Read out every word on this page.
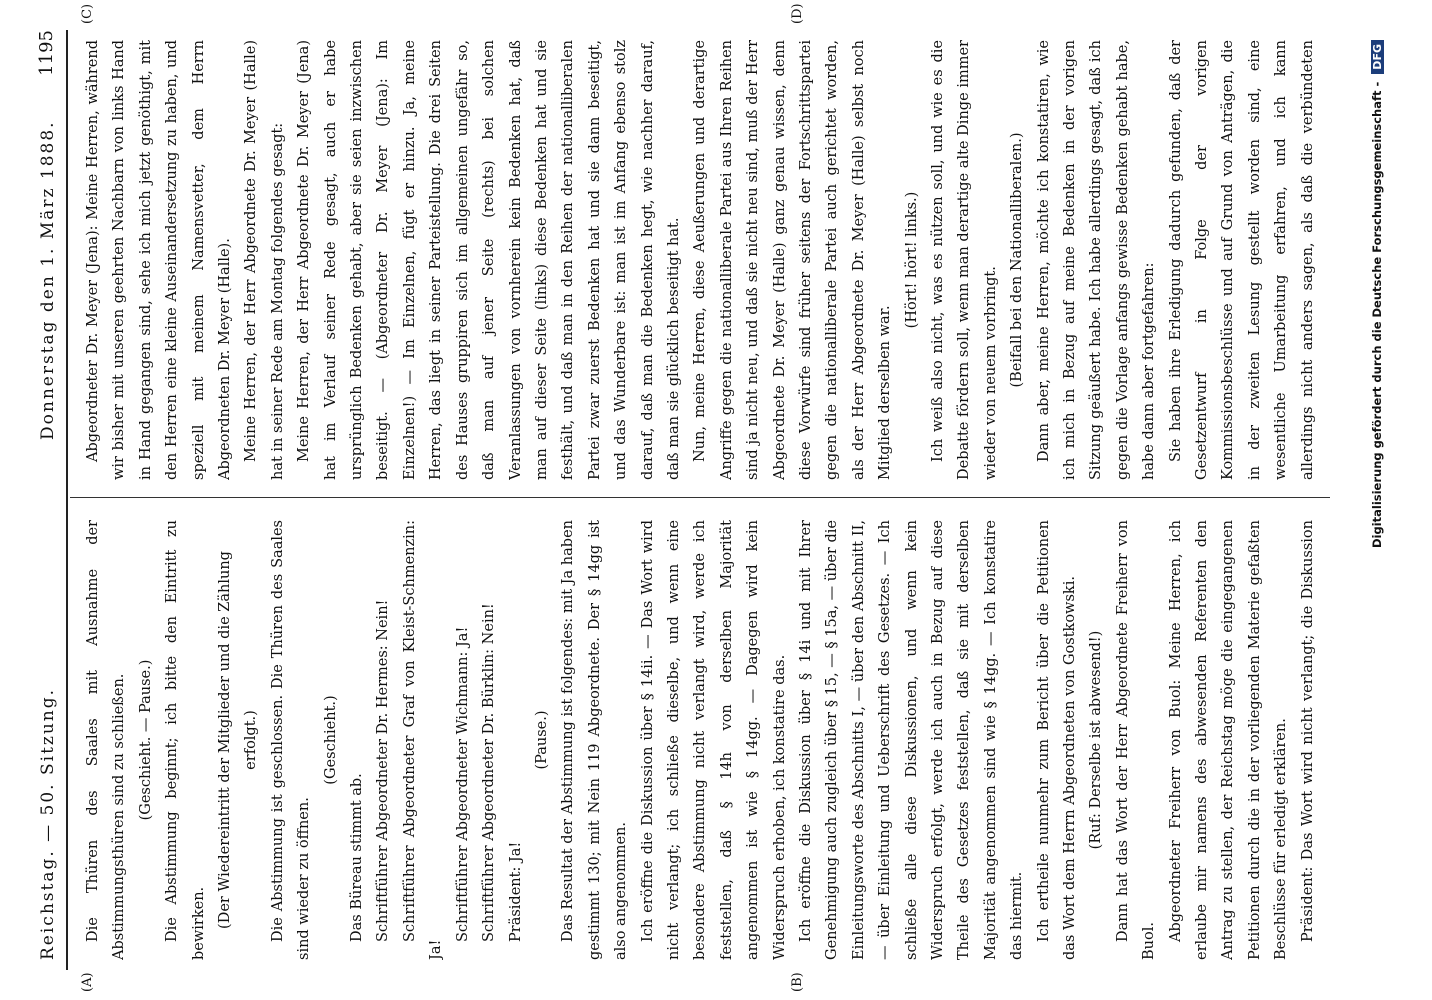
(A)
(C)
Reichstag. — 50. Sitzung.
Donnerstag den 1. März 1888.
1195
(B)
(D)

Die Thüren des Saales mit Ausnahme der Abstimmungsthüren sind zu schließen. (Geschieht. — Pause.) Die Abstimmung beginnt; ich bitte den Eintritt zu bewirken. (Der Wiedereintritt der Mitglieder und die Zählung erfolgt.) Die Abstimmung ist geschlossen. Die Thüren des Saales sind wieder zu öffnen.

(Geschieht.)

Das Büreau stimmt ab. Schriftführer Abgeordneter Dr. Hermes: Nein! Schriftführer Abgeordneter Graf von Kleist-Schmenzin: Ja!

Schriftführer Abgeordneter Wichmann: Ja! Schriftführer Abgeordneter Dr. Bürklin: Nein! Präsident: Ja!

(Pause.) Das Resultat der Abstimmung ist folgendes: mit Ja haben gestimmt 130; mit Nein 119 Abgeordnete. Der § 14gg ist also angenommen. Ich eröffne die Diskussion über § 14ii. — Das Wort wird nicht verlangt; ich schließe dieselbe, und wenn eine besondere Abstimmung nicht verlangt wird, werde ich feststellen, daß § 14h von derselben Majorität angenommen ist wie § 14gg. — Dagegen wird kein Widerspruch erhoben, ich konstatire das. Ich eröffne die Diskussion über § 14i und mit Ihrer Genehmigung auch zugleich über § 15, — § 15a, — über die Einleitungsworte des Abschnitts I, — über den Abschnitt II, — über Einleitung und Ueberschrift des Gesetzes. — Ich schließe alle diese Diskussionen, und wenn kein Widerspruch erfolgt, werde ich auch in Bezug auf diese Theile des Gesetzes feststellen, daß sie mit derselben Majorität angenommen sind wie § 14gg. — Ich konstatire das hiermit. Ich ertheile nunmehr zum Bericht über die Petitionen das Wort dem Herrn Abgeordneten von Gostkowski. (Ruf: Derselbe ist abwesend!) Dann hat das Wort der Herr Abgeordnete Freiherr von Buol. Abgeordneter Freiherr von Buol: Meine Herren, ich erlaube mir namens des abwesenden Referenten den Antrag zu stellen, der Reichstag möge die eingegangenen Petitionen durch die in der vorliegenden Materie gefaßten Beschlüsse für erledigt erklären. Präsident: Das Wort wird nicht verlangt; die Diskussion

Abgeordneter Dr. Meyer (Jena): Meine Herren, während wir bisher mit unseren geehrten Nachbarn von links Hand in Hand gegangen sind, sehe ich mich jetzt genöthigt, mit den Herren eine kleine Auseinandersetzung zu haben, und speziell mit meinem Namensvetter, dem Herrn Abgeordneten Dr. Meyer (Halle). Meine Herren, der Herr Abgeordnete Dr. Meyer (Halle) hat in seiner Rede am Montag folgendes gesagt: Meine Herren, der Herr Abgeordnete Dr. Meyer (Jena) hat im Verlauf seiner Rede gesagt, auch er habe ursprünglich Bedenken gehabt, aber sie seien inzwischen beseitigt. — (Abgeordneter Dr. Meyer (Jena): Im Einzelnen!) — Im Einzelnen, fügt er hinzu. Ja, meine Herren, das liegt in seiner Parteistellung. Die drei Seiten des Hauses gruppiren sich im allgemeinen ungefähr so, daß man auf jener Seite (rechts) bei solchen Veranlassungen von vornherein kein Bedenken hat, daß man auf dieser Seite (links) diese Bedenken hat und sie festhält, und daß man in den Reihen der nationalliberalen Partei zwar zuerst Bedenken hat und sie dann beseitigt, und das Wunderbare ist: man ist im Anfang ebenso stolz darauf, daß man die Bedenken hegt, wie nachher darauf, daß man sie glücklich beseitigt hat. Nun, meine Herren, diese Aeußerungen und derartige Angriffe gegen die nationalliberale Partei aus Ihren Reihen sind ja nicht neu, und daß sie nicht neu sind, muß der Herr Abgeordnete Dr. Meyer (Halle) ganz genau wissen, denn diese Vorwürfe sind früher seitens der Fortschrittspartei gegen die nationalliberale Partei auch gerichtet worden, als der Herr Abgeordnete Dr. Meyer (Halle) selbst noch Mitglied derselben war.

(Hört! hört! links.) Ich weiß also nicht, was es nützen soll, und wie es die Debatte fördern soll, wenn man derartige alte Dinge immer wieder von neuem vorbringt. (Beifall bei den Nationalliberalen.) Dann aber, meine Herren, möchte ich konstatiren, wie ich mich in Bezug auf meine Bedenken in der vorigen Sitzung geäußert habe. Ich habe allerdings gesagt, daß ich gegen die Vorlage anfangs gewisse Bedenken gehabt habe, habe dann aber fortgefahren: Sie haben ihre Erledigung dadurch gefunden, daß der Gesetzentwurf in Folge der vorigen Kommissionsbeschlüsse und auf Grund von Anträgen, die in der zweiten Lesung gestellt worden sind, eine wesentliche Umarbeitung erfahren, und ich kann allerdings nicht anders sagen, als daß die verbündeten	Digitalisierung gefördert durch die Deutsche Forschungsgemeinschaft - DFG
